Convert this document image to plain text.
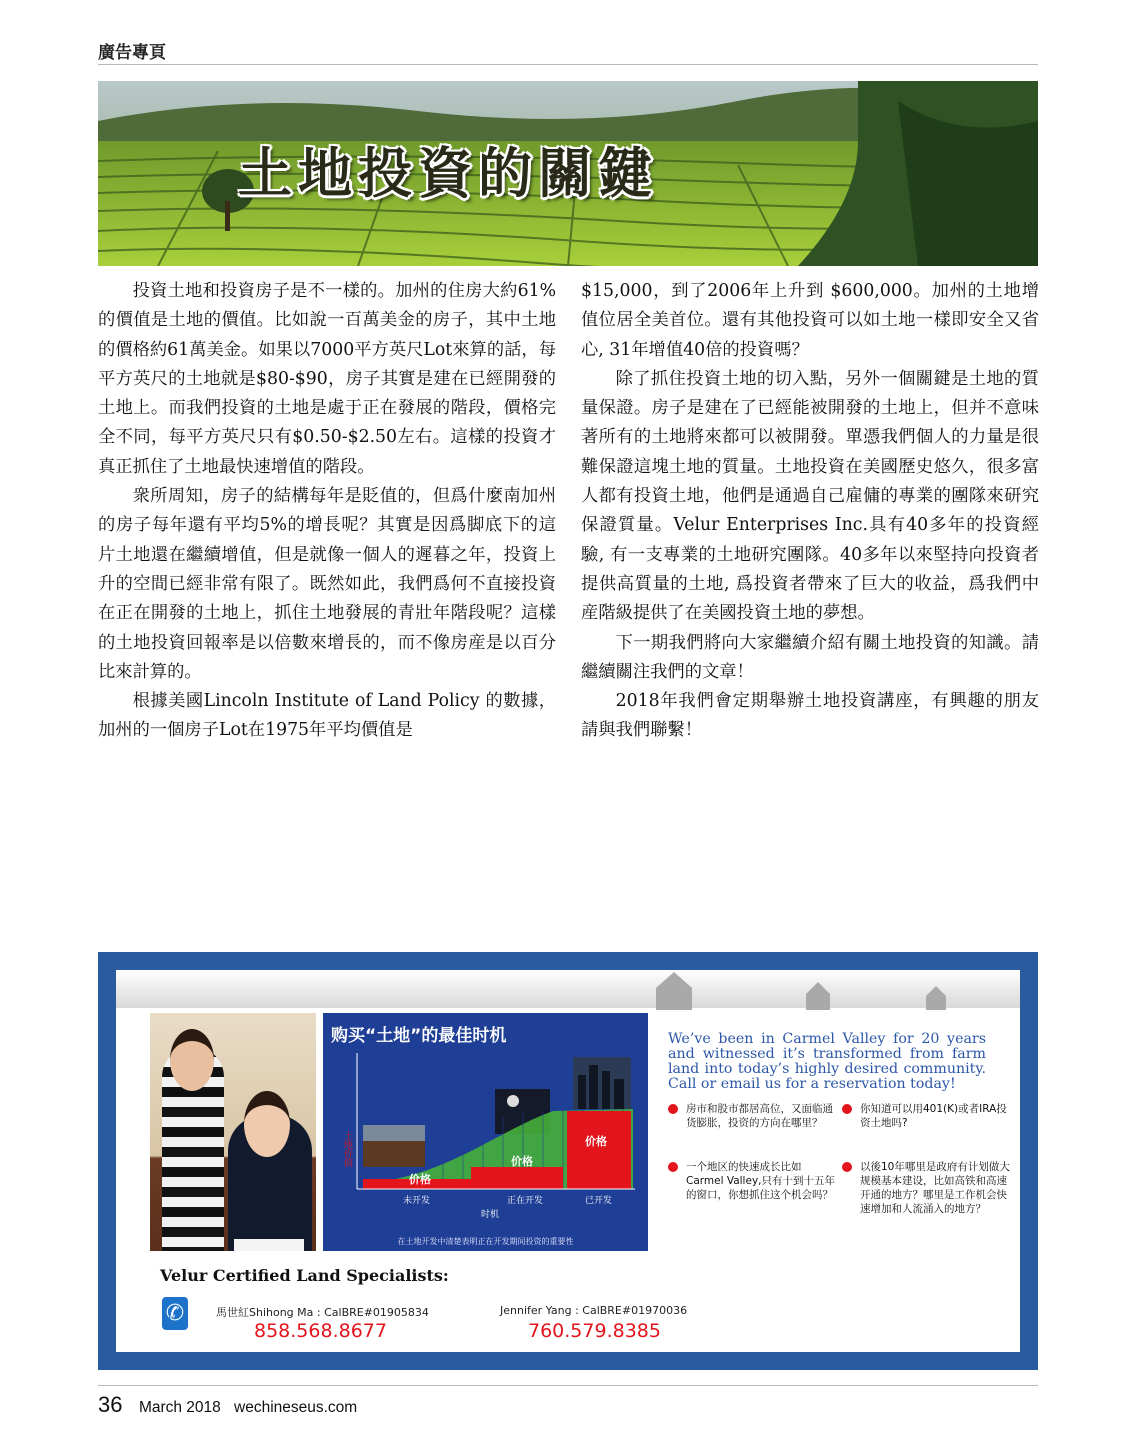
廣告專頁
土地投資的關鍵

投資土地和投資房子是不一樣的。加州的住房大約61%的價值是土地的價值。比如說一百萬美金的房子，其中土地的價格約61萬美金。如果以7000平方英尺Lot來算的話，每平方英尺的土地就是$80-$90，房子其實是建在已經開發的土地上。而我們投資的土地是處于正在發展的階段，價格完全不同，每平方英尺只有$0.50-$2.50左右。這樣的投資才真正抓住了土地最快速增值的階段。

衆所周知，房子的結構每年是貶值的，但爲什麼南加州的房子每年還有平均5%的增長呢？其實是因爲脚底下的這片土地還在繼續增值，但是就像一個人的遲暮之年，投資上升的空間已經非常有限了。既然如此，我們爲何不直接投資在正在開發的土地上，抓住土地發展的青壯年階段呢？這樣的土地投資回報率是以倍數來增長的，而不像房産是以百分比來計算的。

根據美國Lincoln Institute of Land Policy 的數據，加州的一個房子Lot在1975年平均價值是

$15,000，到了2006年上升到 $600,000。加州的土地增值位居全美首位。還有其他投資可以如土地一樣即安全又省心, 31年增值40倍的投資嗎？

除了抓住投資土地的切入點，另外一個關鍵是土地的質量保證。房子是建在了已經能被開發的土地上，但并不意味著所有的土地將來都可以被開發。單憑我們個人的力量是很難保證這塊土地的質量。土地投資在美國歷史悠久，很多富人都有投資土地，他們是通過自己雇傭的專業的團隊來研究保證質量。Velur Enterprises Inc.具有40多年的投資經驗, 有一支專業的土地研究團隊。40多年以來堅持向投資者提供高質量的土地, 爲投資者帶來了巨大的收益，爲我們中産階級提供了在美國投資土地的夢想。

下一期我們將向大家繼續介紹有關土地投資的知識。請繼續關注我們的文章！

2018年我們會定期舉辦土地投資講座，有興趣的朋友請與我們聯繫！

购买“土地”的最佳时机
土地价值
价格
价格
价格
未开发	正在开发	已开发
时机
在土地开发中清楚表明正在开发期间投资的重要性
We’ve been in Carmel Valley for 20 years and witnessed it’s transformed from farm land into today’s highly desired community. Call or email us for a reservation today!
房市和股市都居高位，又面临通货膨胀，投资的方向在哪里？
你知道可以用401(K)或者IRA投资土地吗?
一个地区的快速成长比如Carmel Valley,只有十到十五年的窗口，你想抓住这个机会吗？
以後10年哪里是政府有计划做大规模基本建设，比如高铁和高速开通的地方？哪里是工作机会快速增加和人流涌入的地方？
Velur Certified Land Specialists:
✆	馬世紅Shihong Ma : CalBRE#01905834
858.568.8677
Jennifer Yang : CalBRE#01970036
760.579.8385
36 March 2018 wechineseus.com
